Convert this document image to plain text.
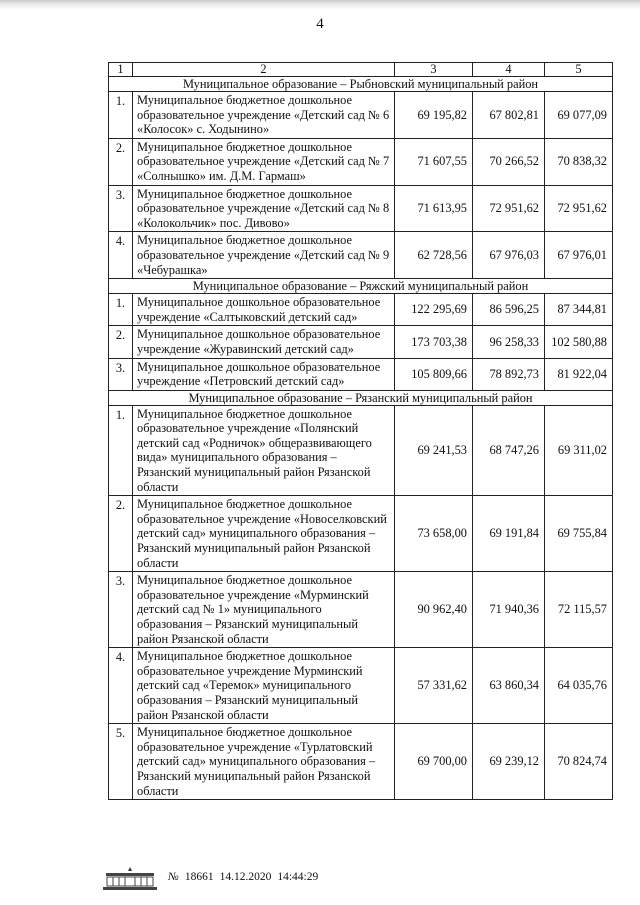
4
1	2	3	4	5
Муниципальное образование – Рыбновский муниципальный район				
1.	Муниципальное бюджетное дошкольное образовательное учреждение «Детский сад № 6 «Колосок» с. Ходынино»	69 195,82	67 802,81	69 077,09
2.	Муниципальное бюджетное дошкольное образовательное учреждение «Детский сад № 7 «Солнышко» им. Д.М. Гармаш»	71 607,55	70 266,52	70 838,32
3.	Муниципальное бюджетное дошкольное образовательное учреждение «Детский сад № 8 «Колокольчик» пос. Дивово»	71 613,95	72 951,62	72 951,62
4.	Муниципальное бюджетное дошкольное образовательное учреждение «Детский сад № 9 «Чебурашка»	62 728,56	67 976,03	67 976,01
Муниципальное образование – Ряжский муниципальный район				
1.	Муниципальное дошкольное образовательное учреждение «Салтыковский детский сад»	122 295,69	86 596,25	87 344,81
2.	Муниципальное дошкольное образовательное учреждение «Журавинский детский сад»	173 703,38	96 258,33	102 580,88
3.	Муниципальное дошкольное образовательное учреждение «Петровский детский сад»	105 809,66	78 892,73	81 922,04
Муниципальное образование – Рязанский муниципальный район				
1.	Муниципальное бюджетное дошкольное образовательное учреждение «Полянский детский сад «Родничок» общеразвивающего вида» муниципального образования – Рязанский муниципальный район Рязанской области	69 241,53	68 747,26	69 311,02
2.	Муниципальное бюджетное дошкольное образовательное учреждение «Новоселковский детский сад» муниципального образования – Рязанский муниципальный район Рязанской области	73 658,00	69 191,84	69 755,84
3.	Муниципальное бюджетное дошкольное образовательное учреждение «Мурминский детский сад № 1» муниципального образования – Рязанский муниципальный район Рязанской области	90 962,40	71 940,36	72 115,57
4.	Муниципальное бюджетное дошкольное образовательное учреждение Мурминский детский сад «Теремок» муниципального образования – Рязанский муниципальный район Рязанской области	57 331,62	63 860,34	64 035,76
5.	Муниципальное бюджетное дошкольное образовательное учреждение «Турлатовский детский сад» муниципального образования – Рязанский муниципальный район Рязанской области	69 700,00	69 239,12	70 824,74
№ 18661 14.12.2020 14:44:29
